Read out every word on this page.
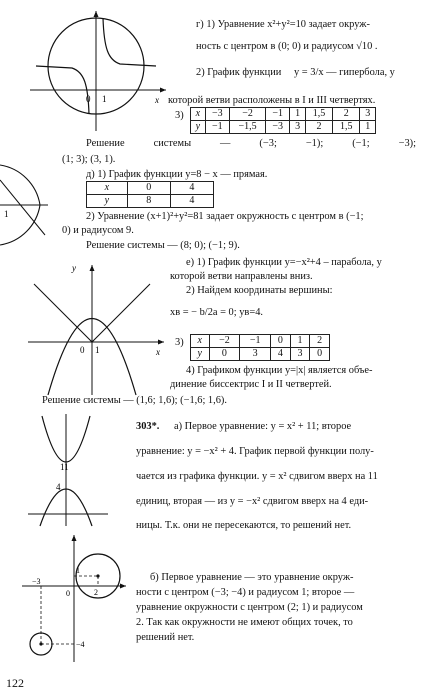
0 1	x
1
y
x
0 1
11
4
−3
−4
1
2
0
г) 1) Уравнение x²+y²=10 задает окруж-
ность с центром в (0; 0) и радиусом √10 .
2) График функции y = 3/x — гипербола, у
которой ветви расположены в I и III четвертях.
3) x	−3	−2	−1	1	1,5	2	3
y	−1	−1,5	−3	3	2	1,5	1
Решение системы — (−3; −1); (−1; −3);
(1; 3); (3, 1).
д) 1) График функции y=8 − x — прямая.
x	0	4
y	8	4
2) Уравнение (x+1)²+y²=81 задает окружность с центром в (−1;
0) и радиусом 9.
Решение системы — (8; 0); (−1; 9).
е) 1) График функции y=−x²+4 – парабола, у
которой ветви направлены вниз.
2) Найдем координаты вершины:
xв = − b/2a = 0; yв=4.
3) x	−2	−1	0	1	2
y	0	3	4	3	0
4) Графиком функции y=|x| является объе-
динение биссектрис I и II четвертей.
Решение системы — (1,6; 1,6); (−1,6; 1,6).
303*. а) Первое уравнение: y = x² + 11; второе
уравнение: y = −x² + 4. График первой функции полу-
чается из графика функции. y = x² сдвигом вверх на 11
единиц, вторая — из y = −x² сдвигом вверх на 4 еди-
ницы. Т.к. они не пересекаются, то решений нет.
б) Первое уравнение — это уравнение окруж-
ности с центром (−3; −4) и радиусом 1; второе —
уравнение окружности с центром (2; 1) и радиусом
2. Так как окружности не имеют общих точек, то
решений нет.
122
